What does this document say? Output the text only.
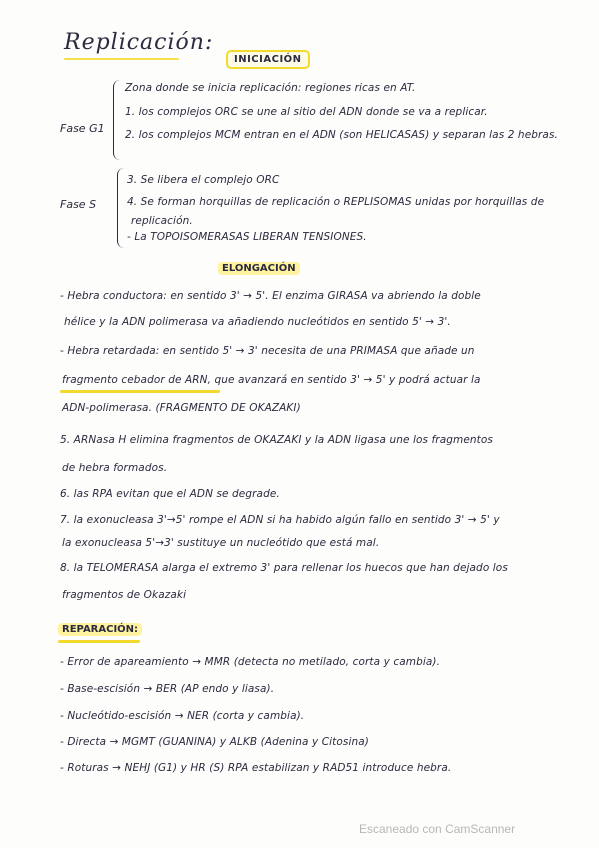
Replicación:
INICIACIÓN
Fase G1
Zona donde se inicia replicación: regiones ricas en AT.
1. los complejos ORC se une al sitio del ADN donde se va a replicar.
2. los complejos MCM entran en el ADN (son HELICASAS) y separan las 2 hebras.
Fase S
3. Se libera el complejo ORC
4. Se forman horquillas de replicación o REPLISOMAS unidas por horquillas de
replicación.
- La TOPOISOMERASAS LIBERAN TENSIONES.
ELONGACIÓN
- Hebra conductora: en sentido 3' → 5'. El enzima GIRASA va abriendo la doble
hélice y la ADN polimerasa va añadiendo nucleótidos en sentido 5' → 3'.
- Hebra retardada: en sentido 5' → 3' necesita de una PRIMASA que añade un
fragmento cebador de ARN, que avanzará en sentido 3' → 5' y podrá actuar la
ADN-polimerasa. (FRAGMENTO DE OKAZAKI)
5. ARNasa H elimina fragmentos de OKAZAKI y la ADN ligasa une los fragmentos
de hebra formados.
6. las RPA evitan que el ADN se degrade.
7. la exonucleasa 3'→5' rompe el ADN si ha habido algún fallo en sentido 3' → 5' y
la exonucleasa 5'→3' sustituye un nucleótido que está mal.
8. la TELOMERASA alarga el extremo 3' para rellenar los huecos que han dejado los
fragmentos de Okazaki
REPARACIÓN:
- Error de apareamiento → MMR (detecta no metilado, corta y cambia).
- Base-escisión → BER (AP endo y liasa).
- Nucleótido-escisión → NER (corta y cambia).
- Directa → MGMT (GUANINA) y ALKB (Adenina y Citosina)
- Roturas → NEHJ (G1) y HR (S) RPA estabilizan y RAD51 introduce hebra.
Escaneado con CamScanner
